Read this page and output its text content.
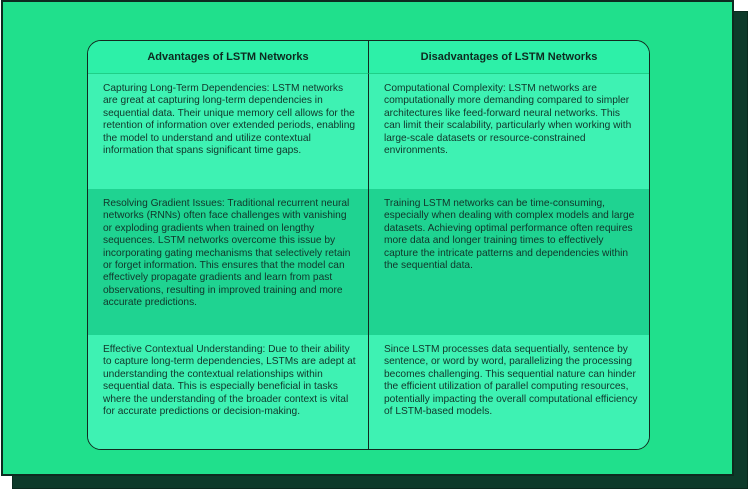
Advantages of LSTM Networks	Disadvantages of LSTM Networks
Capturing Long-Term Dependencies: LSTM networks are great at capturing long-term dependencies in sequential data. Their unique memory cell allows for the retention of information over extended periods, enabling the model to understand and utilize contextual information that spans significant time gaps.
Computational Complexity: LSTM networks are computationally more demanding compared to simpler architectures like feed-forward neural networks. This can limit their scalability, particularly when working with large-scale datasets or resource-constrained environments.
Resolving Gradient Issues: Traditional recurrent neural networks (RNNs) often face challenges with vanishing or exploding gradients when trained on lengthy sequences. LSTM networks overcome this issue by incorporating gating mechanisms that selectively retain or forget information. This ensures that the model can effectively propagate gradients and learn from past observations, resulting in improved training and more accurate predictions.
Training LSTM networks can be time-consuming, especially when dealing with complex models and large datasets. Achieving optimal performance often requires more data and longer training times to effectively capture the intricate patterns and dependencies within the sequential data.
Effective Contextual Understanding: Due to their ability to capture long-term dependencies, LSTMs are adept at understanding the contextual relationships within sequential data. This is especially beneficial in tasks where the understanding of the broader context is vital for accurate predictions or decision-making.
Since LSTM processes data sequentially, sentence by sentence, or word by word, parallelizing the processing becomes challenging. This sequential nature can hinder the efficient utilization of parallel computing resources, potentially impacting the overall computational efficiency of LSTM-based models.
